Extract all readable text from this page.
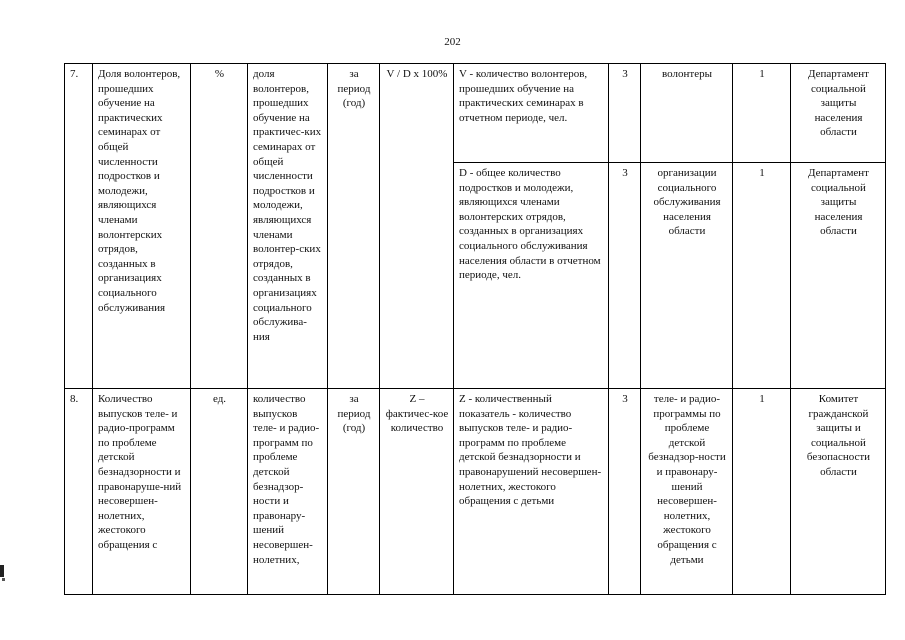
202
7.	Доля волонтеров, прошедших обучение на практических семинарах от общей численности подростков и молодежи, являющихся членами волонтерских отрядов, созданных в организациях социального обслуживания	%	доля волонтеров, прошедших обучение на практичес-ких семинарах от общей численности подростков и молодежи, являющихся членами волонтер-ских отрядов, созданных в организациях социального обслужива-ния	за период (год)	V / D x 100%	V - количество волонтеров, прошедших обучение на практических семинарах в отчетном периоде, чел.	3	волонтеры	1	Департамент социальной защиты населения области
						D - общее количество подростков и молодежи, являющихся членами волонтерских отрядов, созданных в организациях социального обслуживания населения области в отчетном периоде, чел.	3	организации социального обслуживания населения области	1	Департамент социальной защиты населения области
8.	Количество выпусков теле- и радио-программ по проблеме детской безнадзорности и правонаруше-ний несовершен-нолетних, жестокого обращения с	ед.	количество выпусков теле- и радио-программ по проблеме детской безнадзор-ности и правонару-шений несовершен-нолетних,	за период (год)	Z – фактичес-кое количество	Z - количественный показатель - количество выпусков теле- и радио-программ по проблеме детской безнадзорности и правонарушений несовершен-нолетних, жестокого обращения с детьми	3	теле- и радио-программы по проблеме детской безнадзор-ности и правонару-шений несовершен-нолетних, жестокого обращения с детьми	1	Комитет гражданской защиты и социальной безопасности области
